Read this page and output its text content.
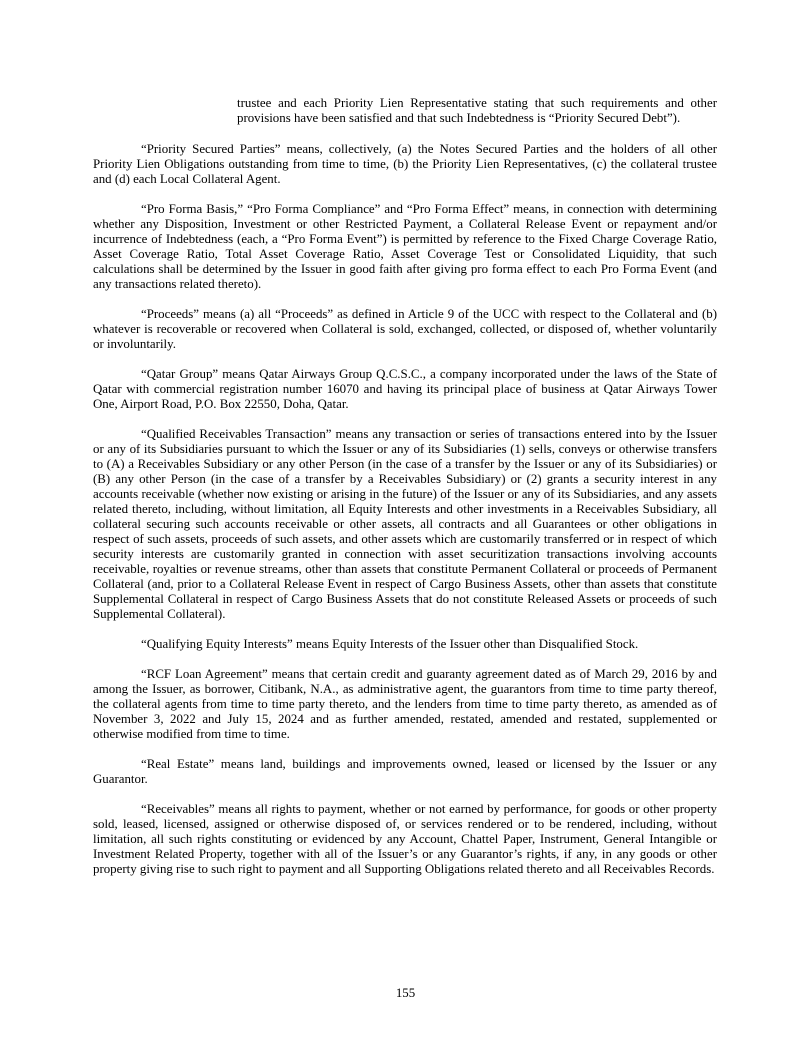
trustee and each Priority Lien Representative stating that such requirements and other provisions have been satisfied and that such Indebtedness is “Priority Secured Debt”).

“Priority Secured Parties” means, collectively, (a) the Notes Secured Parties and the holders of all other Priority Lien Obligations outstanding from time to time, (b) the Priority Lien Representatives, (c) the collateral trustee and (d) each Local Collateral Agent.

“Pro Forma Basis,” “Pro Forma Compliance” and “Pro Forma Effect” means, in connection with determining whether any Disposition, Investment or other Restricted Payment, a Collateral Release Event or repayment and/or incurrence of Indebtedness (each, a “Pro Forma Event”) is permitted by reference to the Fixed Charge Coverage Ratio, Asset Coverage Ratio, Total Asset Coverage Ratio, Asset Coverage Test or Consolidated Liquidity, that such calculations shall be determined by the Issuer in good faith after giving pro forma effect to each Pro Forma Event (and any transactions related thereto).

“Proceeds” means (a) all “Proceeds” as defined in Article 9 of the UCC with respect to the Collateral and (b) whatever is recoverable or recovered when Collateral is sold, exchanged, collected, or disposed of, whether voluntarily or involuntarily.

“Qatar Group” means Qatar Airways Group Q.C.S.C., a company incorporated under the laws of the State of Qatar with commercial registration number 16070 and having its principal place of business at Qatar Airways Tower One, Airport Road, P.O. Box 22550, Doha, Qatar.

“Qualified Receivables Transaction” means any transaction or series of transactions entered into by the Issuer or any of its Subsidiaries pursuant to which the Issuer or any of its Subsidiaries (1) sells, conveys or otherwise transfers to (A) a Receivables Subsidiary or any other Person (in the case of a transfer by the Issuer or any of its Subsidiaries) or (B) any other Person (in the case of a transfer by a Receivables Subsidiary) or (2) grants a security interest in any accounts receivable (whether now existing or arising in the future) of the Issuer or any of its Subsidiaries, and any assets related thereto, including, without limitation, all Equity Interests and other investments in a Receivables Subsidiary, all collateral securing such accounts receivable or other assets, all contracts and all Guarantees or other obligations in respect of such assets, proceeds of such assets, and other assets which are customarily transferred or in respect of which security interests are customarily granted in connection with asset securitization transactions involving accounts receivable, royalties or revenue streams, other than assets that constitute Permanent Collateral or proceeds of Permanent Collateral (and, prior to a Collateral Release Event in respect of Cargo Business Assets, other than assets that constitute Supplemental Collateral in respect of Cargo Business Assets that do not constitute Released Assets or proceeds of such Supplemental Collateral).

“Qualifying Equity Interests” means Equity Interests of the Issuer other than Disqualified Stock.

“RCF Loan Agreement” means that certain credit and guaranty agreement dated as of March 29, 2016 by and among the Issuer, as borrower, Citibank, N.A., as administrative agent, the guarantors from time to time party thereof, the collateral agents from time to time party thereto, and the lenders from time to time party thereto, as amended as of November 3, 2022 and July 15, 2024 and as further amended, restated, amended and restated, supplemented or otherwise modified from time to time.

“Real Estate” means land, buildings and improvements owned, leased or licensed by the Issuer or any Guarantor.

“Receivables” means all rights to payment, whether or not earned by performance, for goods or other property sold, leased, licensed, assigned or otherwise disposed of, or services rendered or to be rendered, including, without limitation, all such rights constituting or evidenced by any Account, Chattel Paper, Instrument, General Intangible or Investment Related Property, together with all of the Issuer’s or any Guarantor’s rights, if any, in any goods or other property giving rise to such right to payment and all Supporting Obligations related thereto and all Receivables Records.

155
